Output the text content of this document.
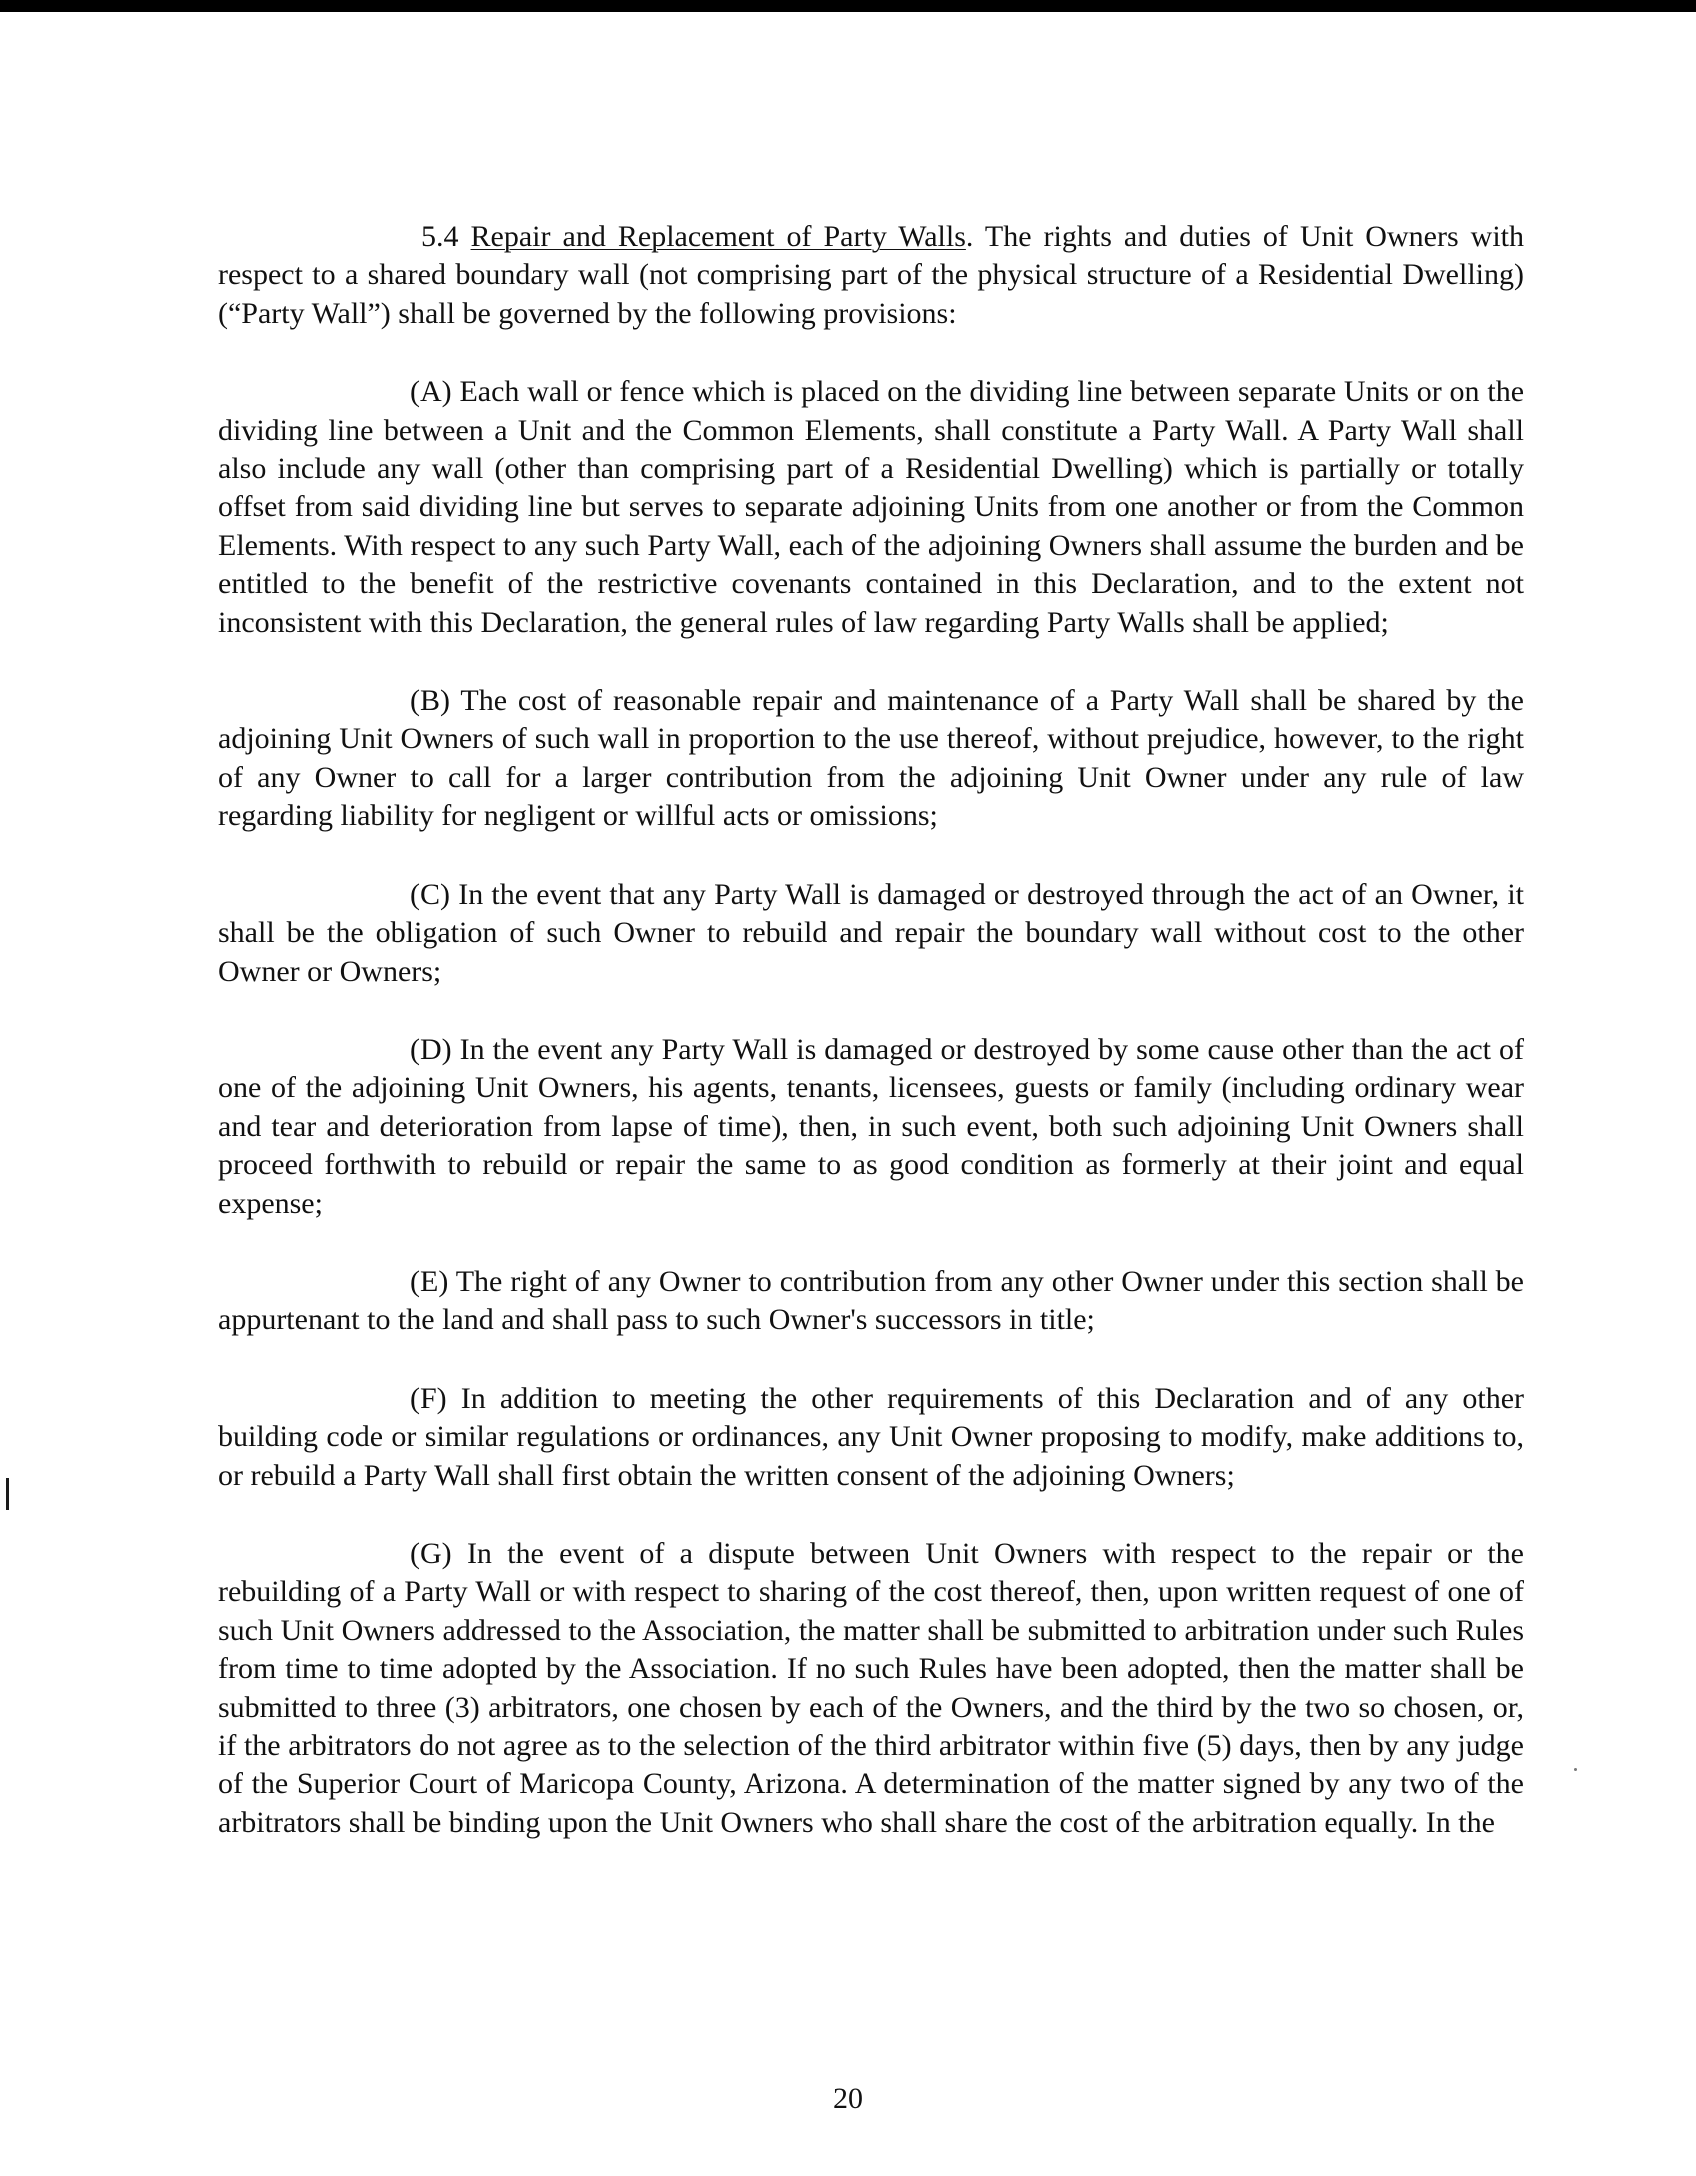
5.4 Repair and Replacement of Party Walls. The rights and duties of Unit Owners with respect to a shared boundary wall (not comprising part of the physical structure of a Residential Dwelling) (“Party Wall”) shall be governed by the following provisions:

(A) Each wall or fence which is placed on the dividing line between separate Units or on the dividing line between a Unit and the Common Elements, shall constitute a Party Wall. A Party Wall shall also include any wall (other than comprising part of a Residential Dwelling) which is partially or totally offset from said dividing line but serves to separate adjoining Units from one another or from the Common Elements. With respect to any such Party Wall, each of the adjoining Owners shall assume the burden and be entitled to the benefit of the restrictive covenants contained in this Declaration, and to the extent not inconsistent with this Declaration, the general rules of law regarding Party Walls shall be applied;

(B) The cost of reasonable repair and maintenance of a Party Wall shall be shared by the adjoining Unit Owners of such wall in proportion to the use thereof, without prejudice, however, to the right of any Owner to call for a larger contribution from the adjoining Unit Owner under any rule of law regarding liability for negligent or willful acts or omissions;

(C) In the event that any Party Wall is damaged or destroyed through the act of an Owner, it shall be the obligation of such Owner to rebuild and repair the boundary wall without cost to the other Owner or Owners;

(D) In the event any Party Wall is damaged or destroyed by some cause other than the act of one of the adjoining Unit Owners, his agents, tenants, licensees, guests or family (including ordinary wear and tear and deterioration from lapse of time), then, in such event, both such adjoining Unit Owners shall proceed forthwith to rebuild or repair the same to as good condition as formerly at their joint and equal expense;

(E) The right of any Owner to contribution from any other Owner under this section shall be appurtenant to the land and shall pass to such Owner's successors in title;

(F) In addition to meeting the other requirements of this Declaration and of any other building code or similar regulations or ordinances, any Unit Owner proposing to modify, make additions to, or rebuild a Party Wall shall first obtain the written consent of the adjoining Owners;

(G) In the event of a dispute between Unit Owners with respect to the repair or the rebuilding of a Party Wall or with respect to sharing of the cost thereof, then, upon written request of one of such Unit Owners addressed to the Association, the matter shall be submitted to arbitration under such Rules from time to time adopted by the Association. If no such Rules have been adopted, then the matter shall be submitted to three (3) arbitrators, one chosen by each of the Owners, and the third by the two so chosen, or, if the arbitrators do not agree as to the selection of the third arbitrator within five (5) days, then by any judge of the Superior Court of Maricopa County, Arizona. A determination of the matter signed by any two of the arbitrators shall be binding upon the Unit Owners who shall share the cost of the arbitration equally. In the

20
